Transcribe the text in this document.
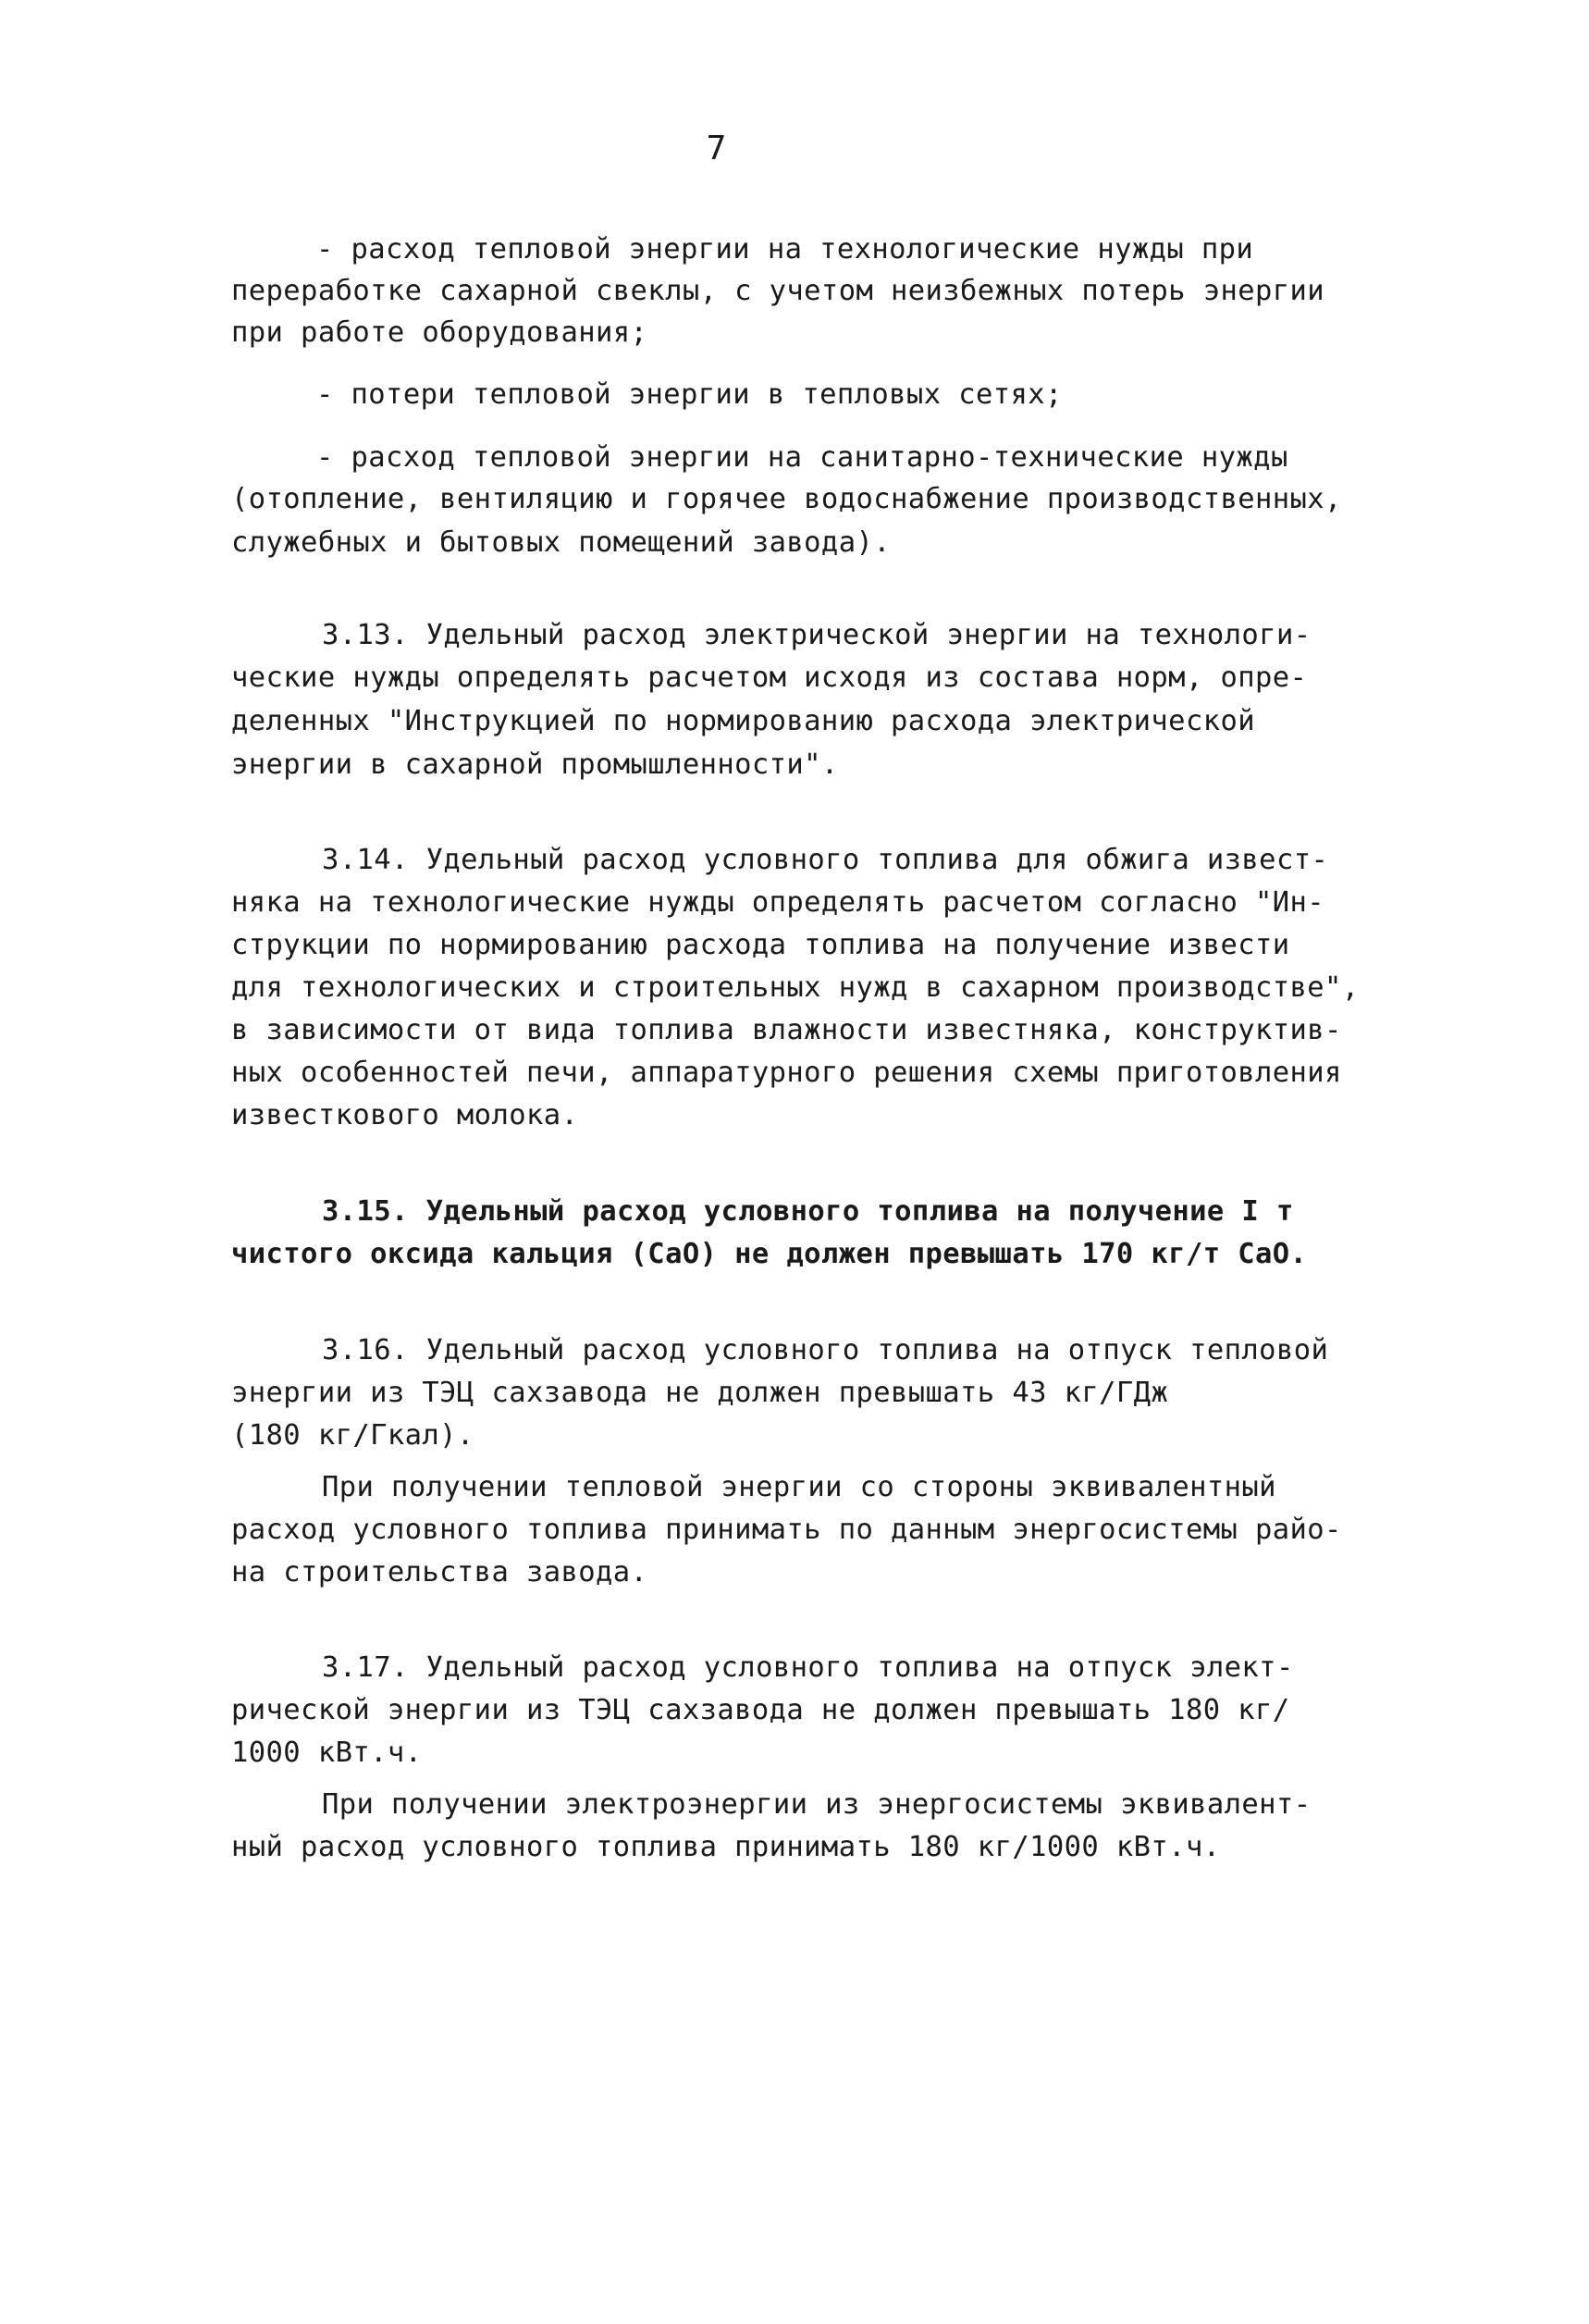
7
- расход тепловой энергии на технологические нужды при
переработке сахарной свеклы, с учетом неизбежных потерь энергии
при работе оборудования;
- потери тепловой энергии в тепловых сетях;
- расход тепловой энергии на санитарно-технические нужды
(отопление, вентиляцию и горячее водоснабжение производственных,
служебных и бытовых помещений завода).
3.13. Удельный расход электрической энергии на технологи-
ческие нужды определять расчетом исходя из состава норм, опре-
деленных "Инструкцией по нормированию расхода электрической
энергии в сахарной промышленности".
3.14. Удельный расход условного топлива для обжига извест-
няка на технологические нужды определять расчетом согласно "Ин-
струкции по нормированию расхода топлива на получение извести
для технологических и строительных нужд в сахарном производстве",
в зависимости от вида топлива влажности известняка, конструктив-
ных особенностей печи, аппаратурного решения схемы приготовления
известкового молока.
3.15. Удельный расход условного топлива на получение I т
чистого оксида кальция (СаО) не должен превышать 170 кг/т СаО.
3.16. Удельный расход условного топлива на отпуск тепловой
энергии из ТЭЦ сахзавода не должен превышать 43 кг/ГДж
(180 кг/Гкал).
При получении тепловой энергии со стороны эквивалентный
расход условного топлива принимать по данным энергосистемы райо-
на строительства завода.
3.17. Удельный расход условного топлива на отпуск элект-
рической энергии из ТЭЦ сахзавода не должен превышать 180 кг/
1000 кВт.ч.
При получении электроэнергии из энергосистемы эквивалент-
ный расход условного топлива принимать 180 кг/1000 кВт.ч.
